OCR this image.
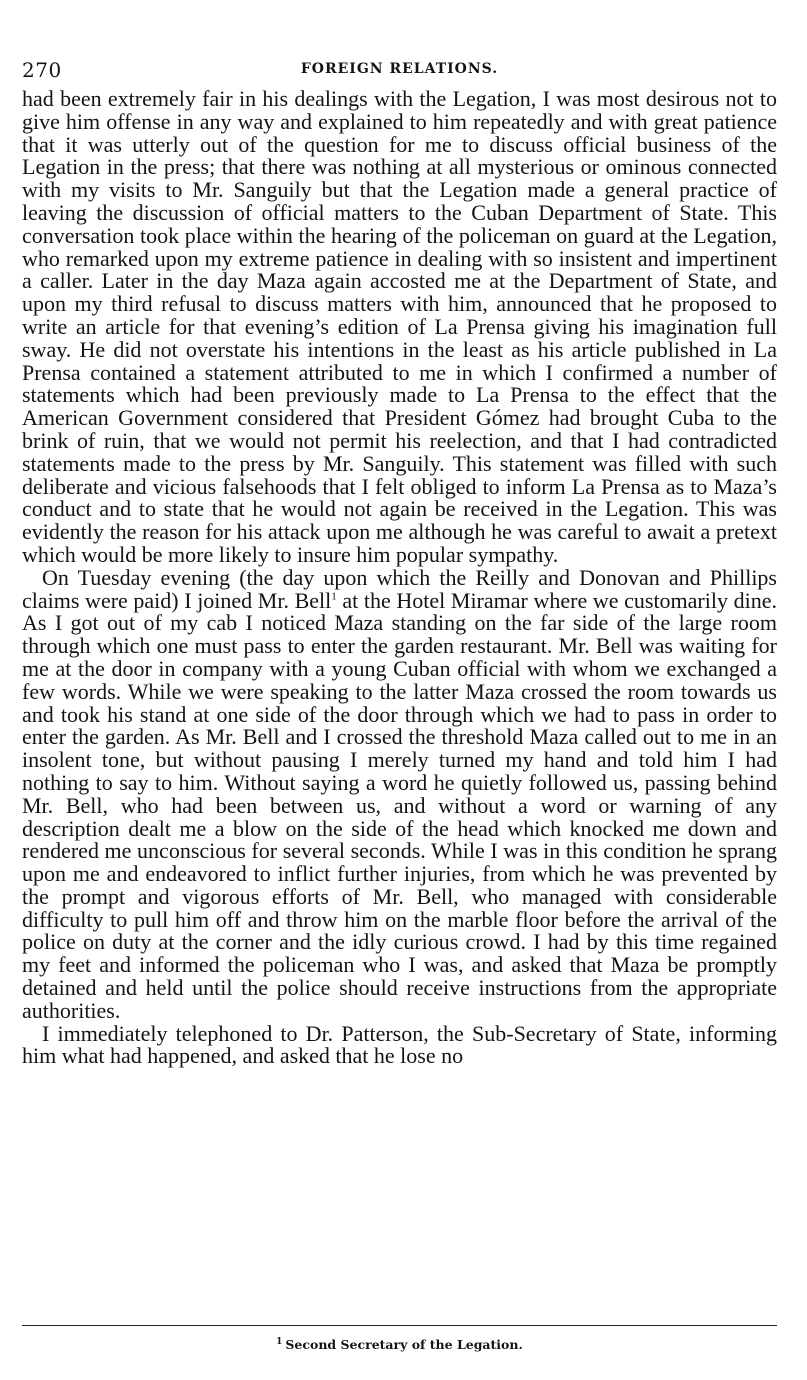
270	FOREIGN RELATIONS.

had been extremely fair in his dealings with the Legation, I was most desirous not to give him offense in any way and explained to him repeatedly and with great patience that it was utterly out of the question for me to discuss official business of the Legation in the press; that there was nothing at all mysterious or ominous connected with my visits to Mr. Sanguily but that the Legation made a general practice of leaving the discussion of official matters to the Cuban Department of State. This conversation took place within the hearing of the policeman on guard at the Legation, who remarked upon my extreme patience in dealing with so insistent and impertinent a caller. Later in the day Maza again accosted me at the Department of State, and upon my third refusal to discuss matters with him, announced that he proposed to write an article for that evening’s edition of La Prensa giving his imagination full sway. He did not overstate his intentions in the least as his article published in La Prensa contained a statement attributed to me in which I confirmed a number of statements which had been previously made to La Prensa to the effect that the American Government considered that President Gómez had brought Cuba to the brink of ruin, that we would not permit his reelection, and that I had contradicted statements made to the press by Mr. Sanguily. This statement was filled with such deliberate and vicious falsehoods that I felt obliged to inform La Prensa as to Maza’s conduct and to state that he would not again be received in the Legation. This was evidently the reason for his attack upon me although he was careful to await a pretext which would be more likely to insure him popular sympathy.

On Tuesday evening (the day upon which the Reilly and Donovan and Phillips claims were paid) I joined Mr. Bell$^1$ at the Hotel Miramar where we customarily dine. As I got out of my cab I noticed Maza standing on the far side of the large room through which one must pass to enter the garden restaurant. Mr. Bell was waiting for me at the door in company with a young Cuban official with whom we exchanged a few words. While we were speaking to the latter Maza crossed the room towards us and took his stand at one side of the door through which we had to pass in order to enter the garden. As Mr. Bell and I crossed the threshold Maza called out to me in an insolent tone, but without pausing I merely turned my hand and told him I had nothing to say to him. Without saying a word he quietly followed us, passing behind Mr. Bell, who had been between us, and without a word or warning of any description dealt me a blow on the side of the head which knocked me down and rendered me unconscious for several seconds. While I was in this condition he sprang upon me and endeavored to inflict further injuries, from which he was prevented by the prompt and vigorous efforts of Mr. Bell, who managed with considerable difficulty to pull him off and throw him on the marble floor before the arrival of the police on duty at the corner and the idly curious crowd. I had by this time regained my feet and informed the policeman who I was, and asked that Maza be promptly detained and held until the police should receive instructions from the appropriate authorities.

I immediately telephoned to Dr. Patterson, the Sub-Secretary of State, informing him what had happened, and asked that he lose no

$^1$ Second Secretary of the Legation.
